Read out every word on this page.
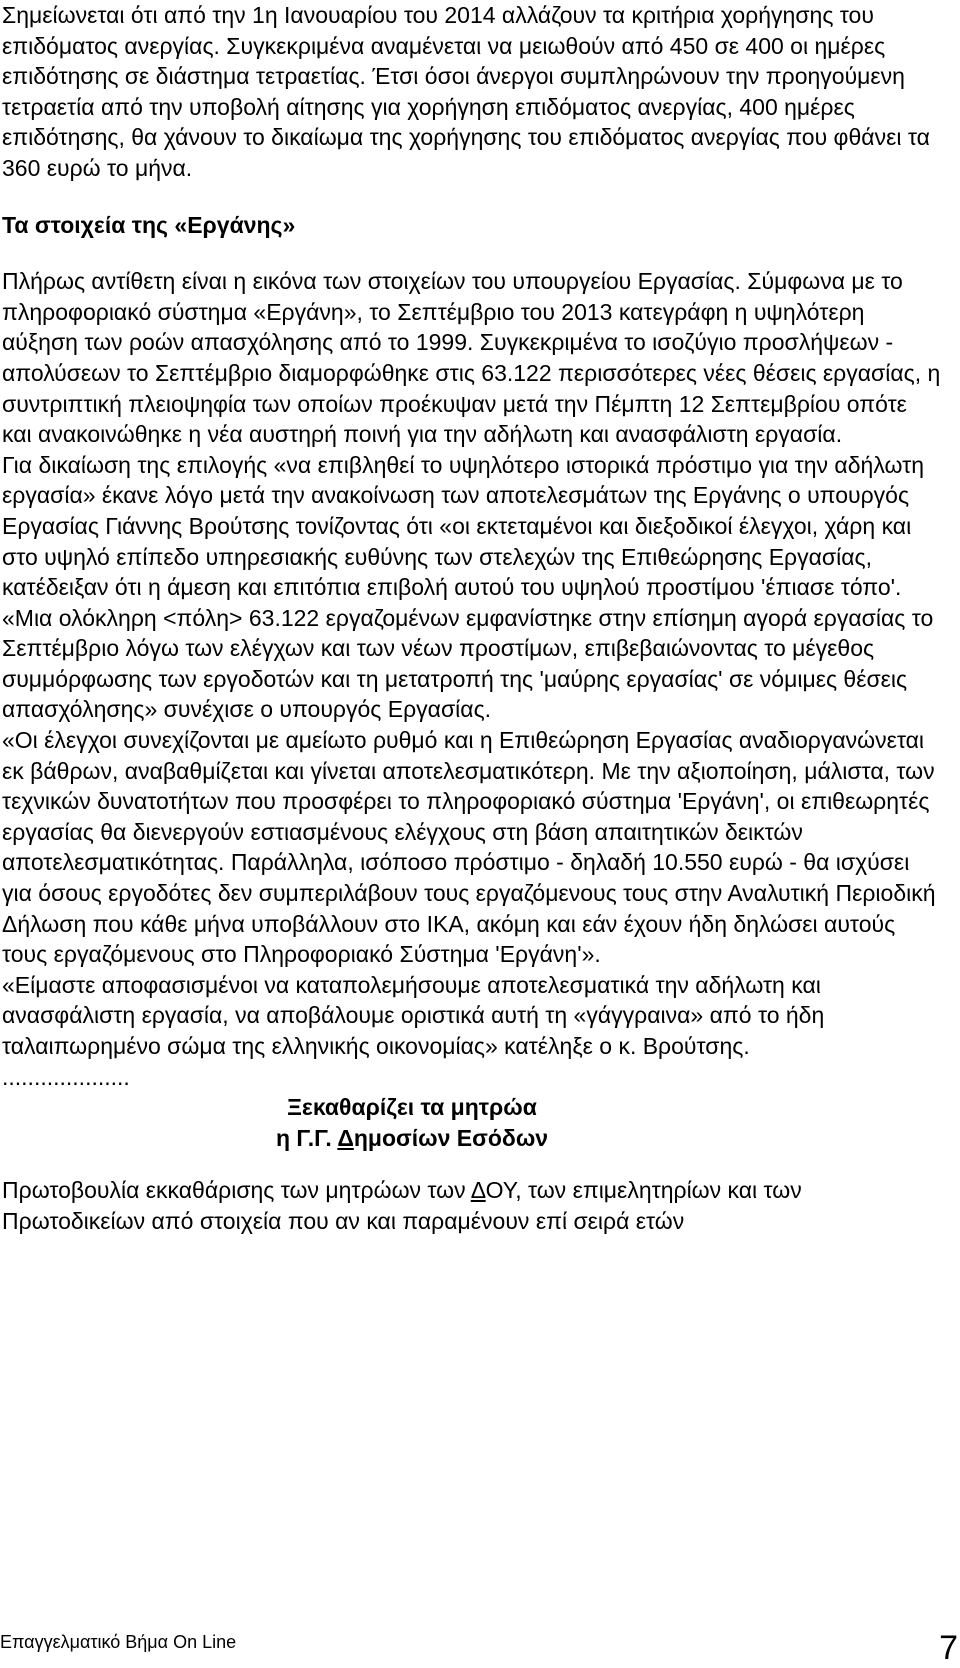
Σημείωνεται ότι από την 1η Ιανουαρίου του 2014 αλλάζουν τα κριτήρια χορήγησης του επιδόματος ανεργίας. Συγκεκριμένα αναμένεται να μειωθούν από 450 σε 400 οι ημέρες επιδότησης σε διάστημα τετραετίας. Έτσι όσοι άνεργοι συμπληρώνουν την προηγούμενη τετραετία από την υποβολή αίτησης για χορήγηση επιδόματος ανεργίας, 400 ημέρες επιδότησης, θα χάνουν το δικαίωμα της χορήγησης του επιδόματος ανεργίας που φθάνει τα 360 ευρώ το μήνα.

Τα στοιχεία της «Εργάνης»

Πλήρως αντίθετη είναι η εικόνα των στοιχείων του υπουργείου Εργασίας. Σύμφωνα με το πληροφοριακό σύστημα «Εργάνη», το Σεπτέμβριο του 2013 κατεγράφη η υψηλότερη αύξηση των ροών απασχόλησης από το 1999. Συγκεκριμένα το ισοζύγιο προσλήψεων - απολύσεων το Σεπτέμβριο διαμορφώθηκε στις 63.122 περισσότερες νέες θέσεις εργασίας, η συντριπτική πλειοψηφία των οποίων προέκυψαν μετά την Πέμπτη 12 Σεπτεμβρίου οπότε και ανακοινώθηκε η νέα αυστηρή ποινή για την αδήλωτη και ανασφάλιστη εργασία.

Για δικαίωση της επιλογής «να επιβληθεί το υψηλότερο ιστορικά πρόστιμο για την αδήλωτη εργασία» έκανε λόγο μετά την ανακοίνωση των αποτελεσμάτων της Εργάνης ο υπουργός Εργασίας Γιάννης Βρούτσης τονίζοντας ότι «οι εκτεταμένοι και διεξοδικοί έλεγχοι, χάρη και στο υψηλό επίπεδο υπηρεσιακής ευθύνης των στελεχών της Επιθεώρησης Εργασίας, κατέδειξαν ότι η άμεση και επιτόπια επιβολή αυτού του υψηλού προστίμου 'έπιασε τόπο'.

«Μια ολόκληρη <πόλη> 63.122 εργαζομένων εμφανίστηκε στην επίσημη αγορά εργασίας το Σεπτέμβριο λόγω των ελέγχων και των νέων προστίμων, επιβεβαιώνοντας το μέγεθος συμμόρφωσης των εργοδοτών και τη μετατροπή της 'μαύρης εργασίας' σε νόμιμες θέσεις απασχόλησης» συνέχισε ο υπουργός Εργασίας.

«Οι έλεγχοι συνεχίζονται με αμείωτο ρυθμό και η Επιθεώρηση Εργασίας αναδιοργανώνεται εκ βάθρων, αναβαθμίζεται και γίνεται αποτελεσματικότερη. Με την αξιοποίηση, μάλιστα, των τεχνικών δυνατοτήτων που προσφέρει το πληροφοριακό σύστημα 'Εργάνη', οι επιθεωρητές εργασίας θα διενεργούν εστιασμένους ελέγχους στη βάση απαιτητικών δεικτών αποτελεσματικότητας. Παράλληλα, ισόποσο πρόστιμο - δηλαδή 10.550 ευρώ - θα ισχύσει για όσους εργοδότες δεν συμπεριλάβουν τους εργαζόμενους τους στην Αναλυτική Περιοδική Δήλωση που κάθε μήνα υποβάλλουν στο ΙΚΑ, ακόμη και εάν έχουν ήδη δηλώσει αυτούς τους εργαζόμενους στο Πληροφοριακό Σύστημα 'Εργάνη'».

«Είμαστε αποφασισμένοι να καταπολεμήσουμε αποτελεσματικά την αδήλωτη και ανασφάλιστη εργασία, να αποβάλουμε οριστικά αυτή τη «γάγγραινα» από το ήδη ταλαιπωρημένο σώμα της ελληνικής οικονομίας» κατέληξε ο κ. Βρούτσης.

....................

Ξεκαθαρίζει τα μητρώα

η Γ.Γ. Δημοσίων Εσόδων

Πρωτοβουλία εκκαθάρισης των μητρώων των ΔΟΥ, των επιμελητηρίων και των Πρωτοδικείων από στοιχεία που αν και παραμένουν επί σειρά ετών

Επαγγελματικό Βήμα On Line	7
